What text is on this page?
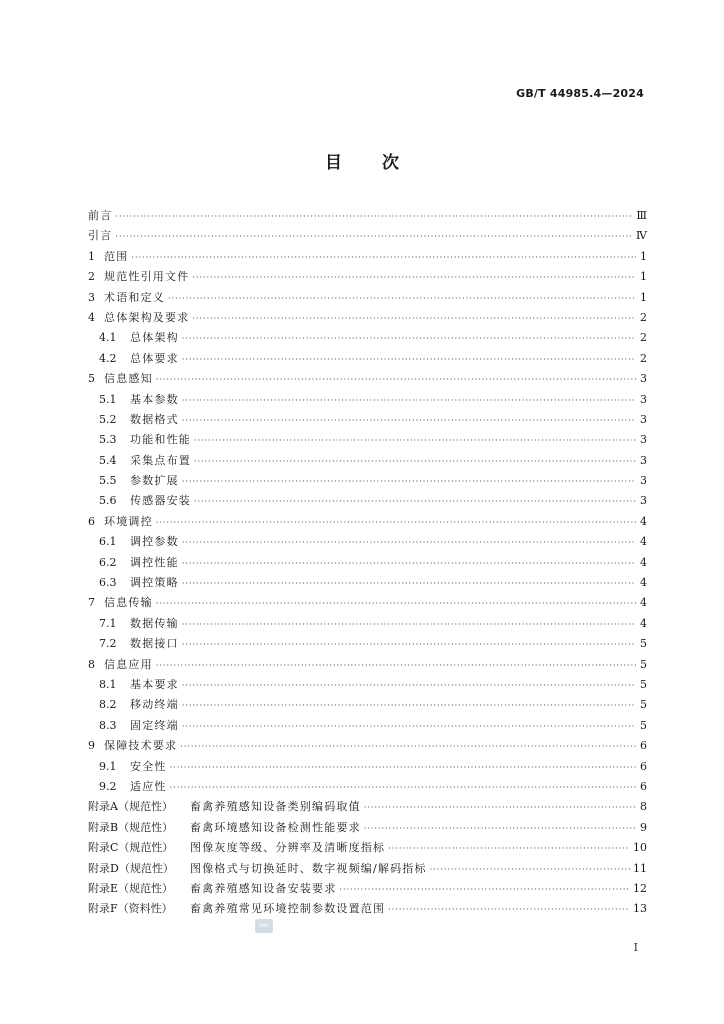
GB/T 44985.4—2024
目 次
前言 ·····	Ⅲ
引言 ·····	Ⅳ
1 范围 ·····	1
2 规范性引用文件 ·····	1
3 术语和定义 ·····	1
4 总体架构及要求 ·····	2
4.1	总体架构 ·····	2
4.2	总体要求 ·····	2
5 信息感知 ·····	3
5.1	基本参数 ·····	3
5.2	数据格式 ·····	3
5.3	功能和性能 ·····	3
5.4	采集点布置 ·····	3
5.5	参数扩展 ·····	3
5.6	传感器安装 ·····	3
6 环境调控 ·····	4
6.1	调控参数 ·····	4
6.2	调控性能 ·····	4
6.3	调控策略 ·····	4
7 信息传输 ·····	4
7.1	数据传输 ·····	4
7.2	数据接口 ·····	5
8 信息应用 ·····	5
8.1	基本要求 ·····	5
8.2	移动终端 ·····	5
8.3	固定终端 ·····	5
9 保障技术要求 ·····	6
9.1	安全性 ·····	6
9.2	适应性 ·····	6
附录A（规范性）	畜禽养殖感知设备类别编码取值 ·····	8
附录B（规范性）	畜禽环境感知设备检测性能要求 ·····	9
附录C（规范性）	图像灰度等级、分辨率及清晰度指标 ·····	10
附录D（规范性）	图像格式与切换延时、数字视频编/解码指标 ·····	11
附录E（规范性）	畜禽养殖感知设备安装要求 ·····	12
附录F（资料性）	畜禽养殖常见环境控制参数设置范围 ·····	13
SAC
I
